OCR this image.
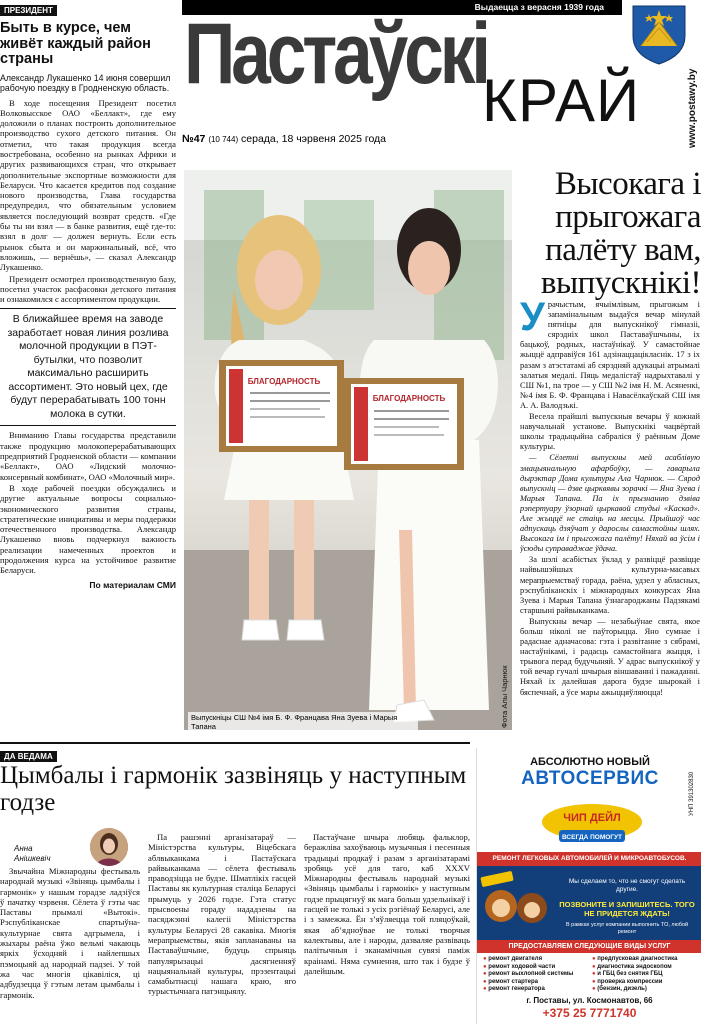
ПРЕЗИДЕНТ
Быть в курсе, чем живёт каждый район страны
Александр Лукашенко 14 июня совершил рабочую поездку в Гродненскую область.

В ходе посещения Президент посетил Волковысское ОАО «Беллакт», где ему доложили о планах построить дополнительное производство сухого детского питания. Он отметил, что такая продукция всегда востребована, особенно на рынках Африки и других развивающихся стран, что открывает дополнительные экспортные возможности для Беларуси. Что касается кредитов под создание нового производства, Глава государства предупредил, что обязательным условием является последующий возврат средств. «Где бы ты ни взял — в банке развития, ещё где-то: взял в долг — должен вернуть. Если есть рынок сбыта и он маржинальный, всё, что вложишь, — вернёшь», — сказал Александр Лукашенко.

Президент осмотрел производственную базу, посетил участок расфасовки детского питания и ознакомился с ассортиментом продукции.

В ближайшее время на заводе заработает новая линия розлива молочной продукции в ПЭТ-бутылки, что позволит максимально расширить ассортимент. Это новый цех, где будут перерабатывать 100 тонн молока в сутки.

Вниманию Главы государства представили также продукцию молокоперерабатывающих предприятий Гродненской области — компании «Беллакт», ОАО «Лидский молочно-консервный комбинат», ОАО «Молочный мир».

В ходе рабочей поездки обсуждались и другие актуальные вопросы социально-экономического развития страны, стратегические инициативы и меры поддержки отечественного производства. Александр Лукашенко вновь подчеркнул важность реализации намеченных проектов и продолжения курса на устойчивое развитие Беларуси.

По материалам СМИ
Выдаецца з верасня 1939 года
Пастаўскі
КРАЙ	www.postawy.by
№47 (10 744) серада, 18 чэрвеня 2025 года
БЛАГОДАРНОСТЬ
БЛАГОДАРНОСТЬ
Выпускніцы СШ №4 імя Б. Ф. Францава Яна Зуева і Марыя Тапана	Фота Алы Чарнюк
Высокага і прыгожага палёту вам, выпускнікі!

Урачыстым, ячыімлівым, прыгожым і запамінальным выдаўся вечар мінулай пятніцы для выпускнікоў гімназіі, сярэдніх школ Паставаўшчыны, іх бацькоў, родных, настаўнікаў. У самастойнае жыццё адправіўся 161 адзінаццацікласнік. 17 з іх разам з атэстатамі аб сярэдняй адукацыі атрымалі залатыя медалі. Пяць медалістаў надрыхтавалі у СШ №1, па трое — у СШ №2 імя Н. М. Асяненкі, №4 імя Б. Ф. Францава і Навасёлкаўскай СШ імя А. А. Валодзькі.

Весела прайшлі выпускныя вечары ў кожнай навучальнай установе. Выпускнікі чацвёртай школы традыцыйна сабраліся ў раённым Доме культуры.

— Сёлетні выпускны мей асаблівую эмацыянальную афарбоўку, — гаварыла дырэктар Дома культуры Ала Чарнюк. — Сярод выпускніц — дзве цырквявы зорачкі — Яна Зуева і Марыя Тапана. Па іх прызнанню дзвіва рэпертуару ўзорнай цыркавой студыі «Каскад». Але жыццё не стаіць на месцы. Прыйшоў час адпускаць дзяўчат у дарослы самастойны шлях. Высокага ім і прыгожага палёту! Няхай ва ўсім і ўсюды суправаджае ўдача.

За шэлі асабістых ўклад у развіццё развіцце найвышэйшых культурна-масавых мерапрыемстваў горада, раёна, удзел у абласных, рэспубліканскіх і міжнародных конкурсах Яна Зуева і Марыя Тапана ўзнагароджаны Падзякамі старшыні райвыканкама.

Выпускны вечар — незабыўнае свята, якое больш ніколі не паўторыцца. Яно сумнае і радаснае адначасова: гэта і развітанне з сябрамі, настаўнікамі, і радасць самастойнага жыцця, і трывога перад будучыняй. У адрас выпускнікоў у той вечар гучалі шчырыя віншаванні і пажаданні. Няхай іх далейшая дарога будзе шырокай і бяспечнай, а ўсе мары ажыццяўляюцца!

ДА ВЕДАМА
Цымбалы і гармонік зазвіняць у наступным годзе
Анна
Анішкевіч

Звычайна Міжнародны фестываль народнай музыкі «Звіняць цымбалы і гармонік» у нашым горадзе ладзіўся ў пачатку чэрвеня. Сёлета ў гэты час Паставы прымалі «Вытокі». Рэспубліканскае спартыўна-культурнае свята адгрымела, і жыхары раёна ўжо вельмі чакаюць яркіх ўсходняй і найлепшых пэмоцыяй ад народнай падзеі. У той жа час многія цікавіліся, ці адбудзецца ў гэтым летам цымбалы і гармонік.

Па рашэнні арганізатараў — Міністэрства культуры, Віцебскага аблвыканкама і Пастаўскага райвыканкама — сёлета фестываль праводзіцца не будзе. Шматлікіх гасцей Паставы як культурная сталіца Беларусі прымуць у 2026 годзе. Гэта статус прысвоены гораду нададзены на пасяджэнні калегіі Міністэрства культуры Беларусі 28 сакавіка. Многія мерапрыемствы, якія запланаваны на Паставаўшчыне, будуць спрыяць папулярызацыі дасягненняў нацыянальнай культуры, прэзентацыі самабытнасці нашага краю, яго турыстычнага патэнцыялу.

Пастаўчане шчыра любяць фальклор, беражліва захоўваюць музычныя і песенныя традыцыі продкаў і разам з арганізатарамі зробяць усё для таго, каб XXXV Міжнародны фестываль народнай музыкі «Звіняць цымбалы і гармонік» у наступным годзе прыцягнуў як мага больш удзельнікаў і гасцей не толькі з усіх рэгіёнаў Беларусі, але і з замежжа. Ён з’яўляецца той пляцоўкай, якая аб’ядноўвае не толькі творчыя калектывы, але і народы, дазваляе развіваць палітычныя і эканамічныя сувязі паміж краінамі. Няма сумнення, што так і будзе ў далейшым.

АБСОЛЮТНО НОВЫЙ
АВТОСЕРВИС
ЧИП ДЕЙЛ
ВСЕГДА ПОМОГУТ
УНП 391302830
РЕМОНТ ЛЕГКОВЫХ АВТОМОБИЛЕЙ И МИКРОАВТОБУСОВ.
Мы сделаем то, что не смогут сделать другие.
ПОЗВОНИТЕ И ЗАПИШИТЕСЬ. ТОГО НЕ ПРИДЕТСЯ ЖДАТЬ!
В рамках услуг компании выполнить ТО, любой ремонт
ПРЕДОСТАВЛЯЕМ СЛЕДУЮЩИЕ ВИДЫ УСЛУГ
● ремонт двигателя	● предпусковая диагностика
● ремонт ходовой части	● диагностика эндоскопом
● ремонт выхлопной системы	● и ГБЦ без снятия ГБЦ
● ремонт стартера	● проверка компрессии
● ремонт генератора	● (бензин, дизель)
г. Поставы, ул. Космонавтов, 66
+375 25 7771740
